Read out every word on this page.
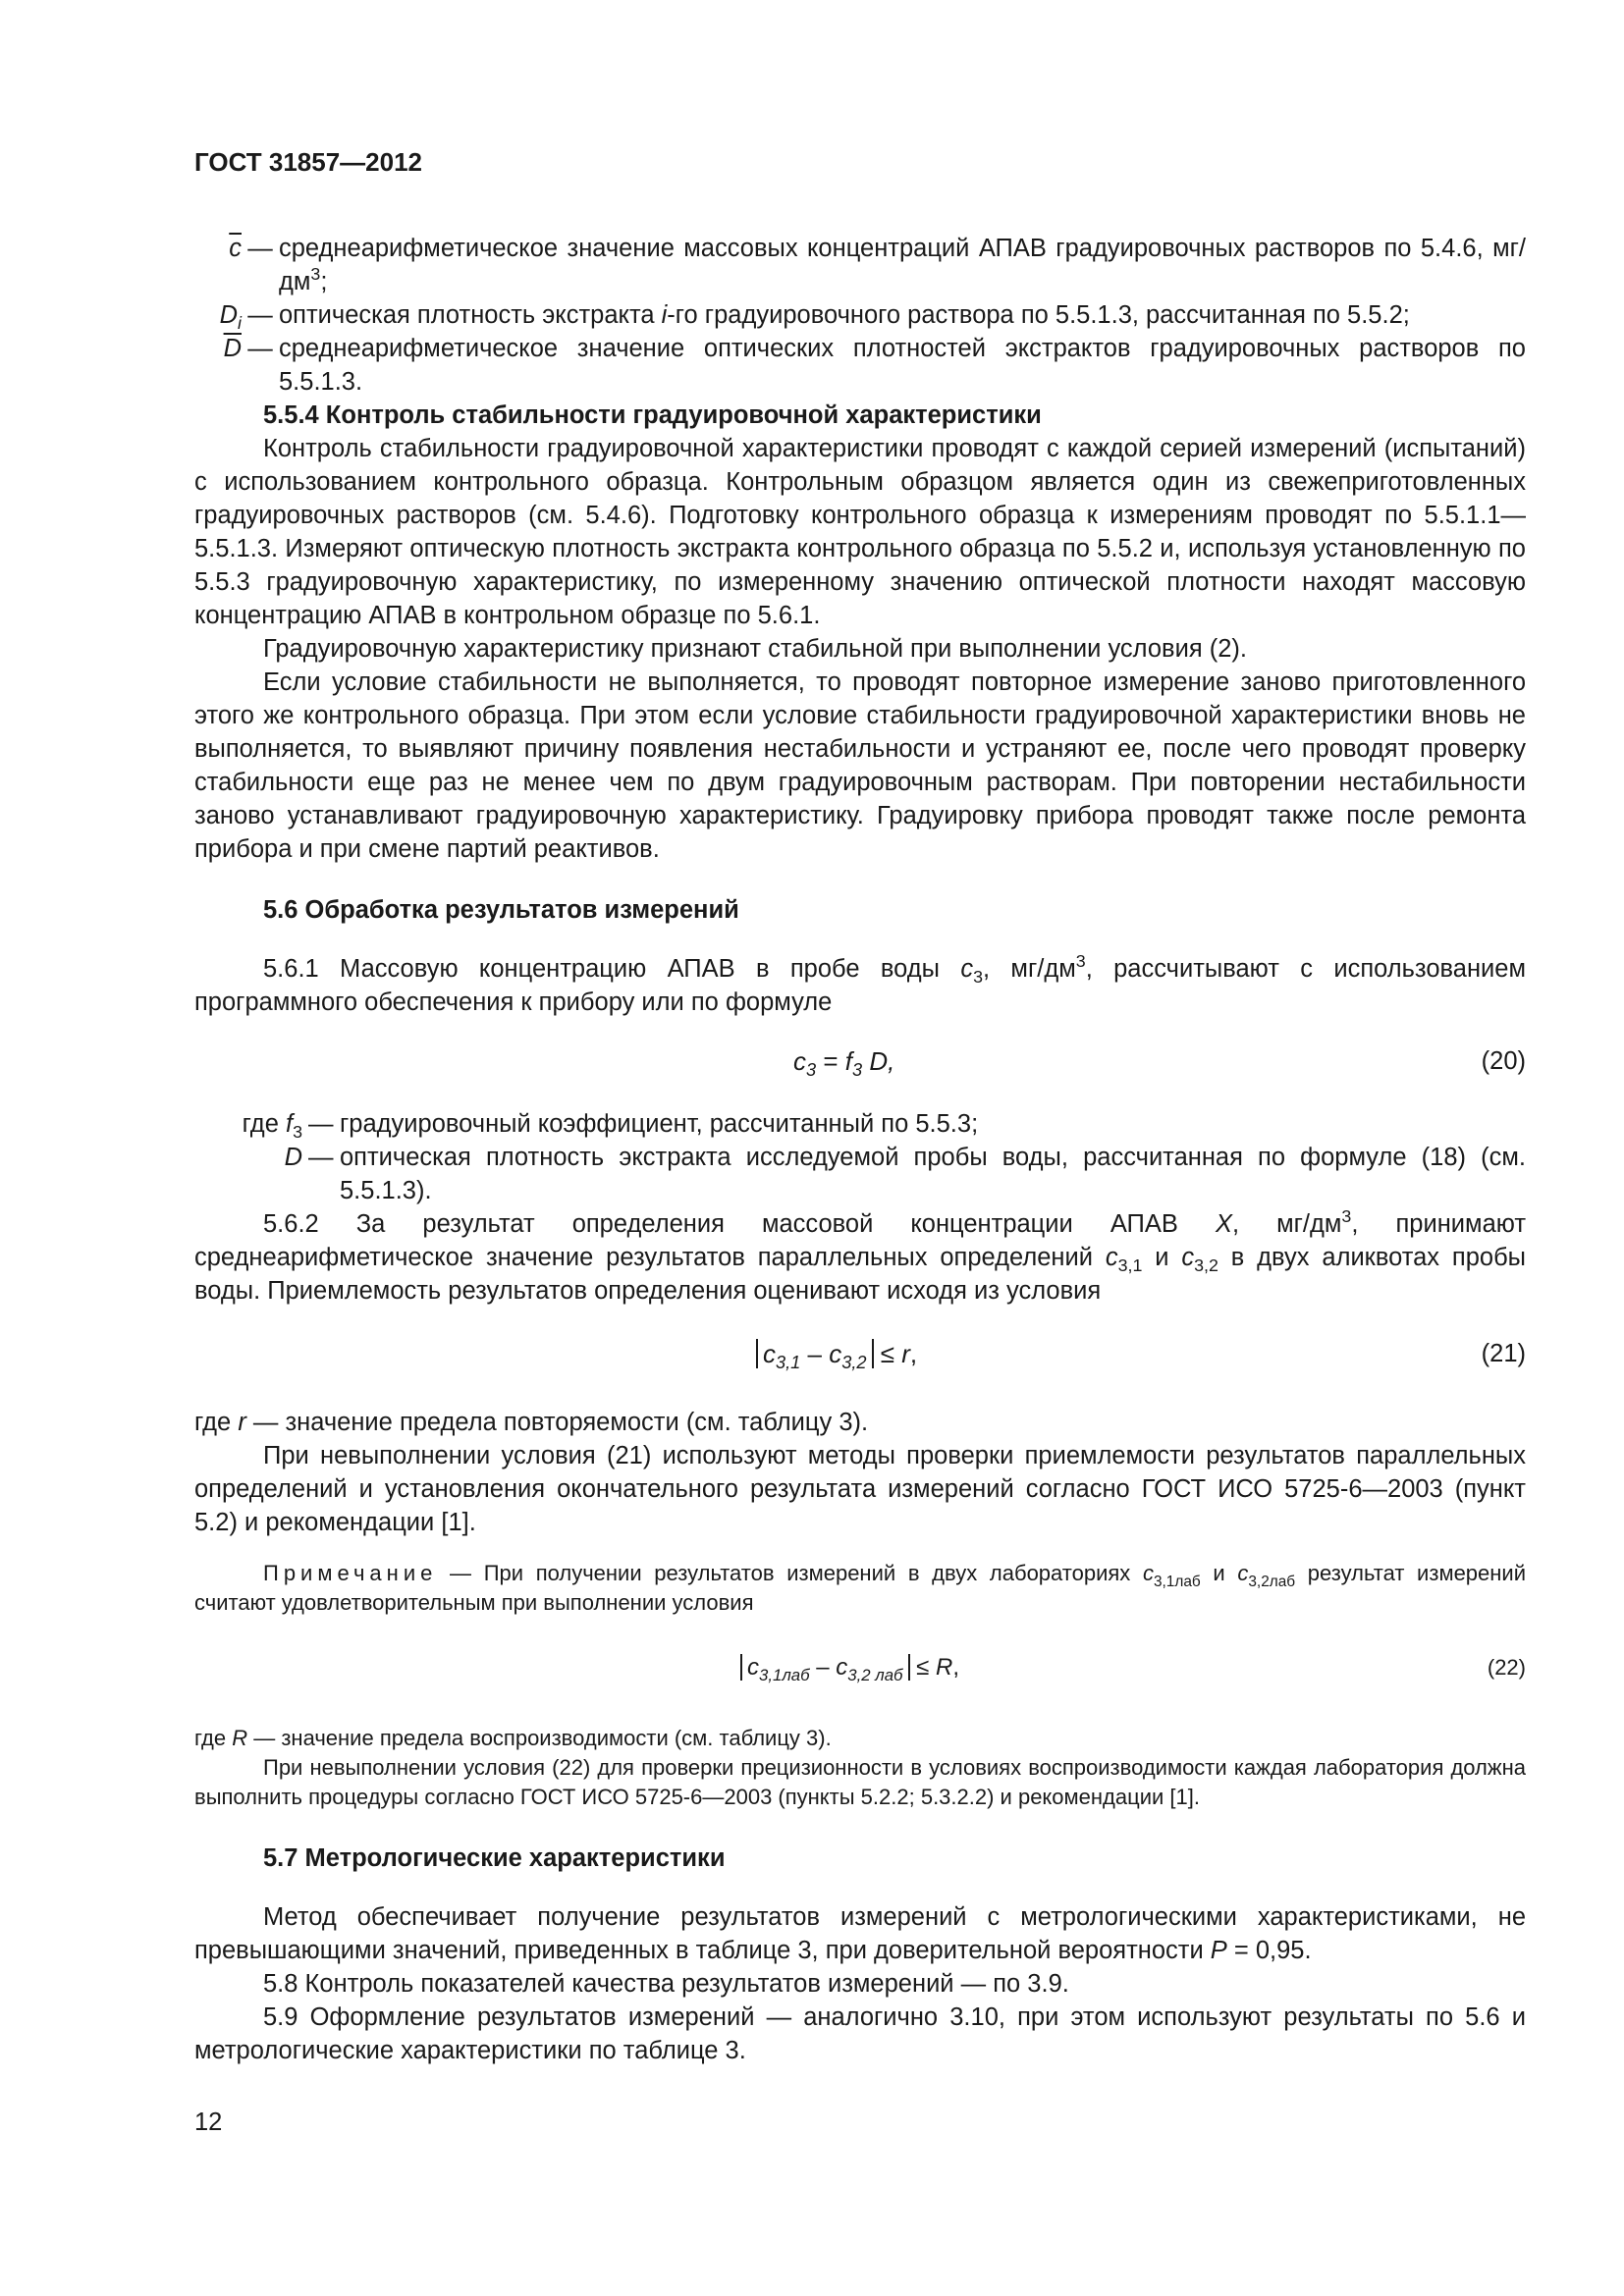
ГОСТ 31857—2012
$\overline{c}$ — среднеарифметическое значение массовых концентраций АПАВ градуировочных растворов по 5.4.6, $мг/дм^3$;
$D_i$ — оптическая плотность экстракта i-го градуировочного раствора по 5.5.1.3, рассчитанная по 5.5.2;
$\overline{D}$ — среднеарифметическое значение оптических плотностей экстрактов градуировочных растворов по 5.5.1.3.

5.5.4 Контроль стабильности градуировочной характеристики

Контроль стабильности градуировочной характеристики проводят с каждой серией измерений (испытаний) с использованием контрольного образца. Контрольным образцом является один из свежеприготовленных градуировочных растворов (см. 5.4.6). Подготовку контрольного образца к измерениям проводят по 5.5.1.1—5.5.1.3. Измеряют оптическую плотность экстракта контрольного образца по 5.5.2 и, используя установленную по 5.5.3 градуировочную характеристику, по измеренному значению оптической плотности находят массовую концентрацию АПАВ в контрольном образце по 5.6.1.

Градуировочную характеристику признают стабильной при выполнении условия (2).

Если условие стабильности не выполняется, то проводят повторное измерение заново приготовленного этого же контрольного образца. При этом если условие стабильности градуировочной характеристики вновь не выполняется, то выявляют причину появления нестабильности и устраняют ее, после чего проводят проверку стабильности еще раз не менее чем по двум градуировочным растворам. При повторении нестабильности заново устанавливают градуировочную характеристику. Градуировку прибора проводят также после ремонта прибора и при смене партий реактивов.

5.6 Обработка результатов измерений

5.6.1 Массовую концентрацию АПАВ в пробе воды $c_3$, $мг/дм^3$, рассчитывают с использованием программного обеспечения к прибору или по формуле

$c_3 = f_3$ D,	(20)
где $f_3$ — градуировочный коэффициент, рассчитанный по 5.5.3;
D — оптическая плотность экстракта исследуемой пробы воды, рассчитанная по формуле (18) (см. 5.5.1.3).

5.6.2 За результат определения массовой концентрации АПАВ X, $мг/дм^3$, принимают среднеарифметическое значение результатов параллельных определений $c_{3,1}$ и $c_{3,2}$ в двух аликвотах пробы воды. Приемлемость результатов определения оценивают исходя из условия

$c_{3,1} - c_{3,2} \le r$,	(21)

где r — значение предела повторяемости (см. таблицу 3).

При невыполнении условия (21) используют методы проверки приемлемости результатов параллельных определений и установления окончательного результата измерений согласно ГОСТ ИСО 5725-6—2003 (пункт 5.2) и рекомендации [1].

Примечание — При получении результатов измерений в двух лабораториях $c_{3,1лаб}$ и $c_{3,2лаб}$ результат измерений считают удовлетворительным при выполнении условия

$c_{3,1лаб} - c_{3,2 лаб} \le R$,	(22)

где R — значение предела воспроизводимости (см. таблицу 3).

При невыполнении условия (22) для проверки прецизионности в условиях воспроизводимости каждая лаборатория должна выполнить процедуры согласно ГОСТ ИСО 5725-6—2003 (пункты 5.2.2; 5.3.2.2) и рекомендации [1].

5.7 Метрологические характеристики

Метод обеспечивает получение результатов измерений с метрологическими характеристиками, не превышающими значений, приведенных в таблице 3, при доверительной вероятности P = 0,95.

5.8 Контроль показателей качества результатов измерений — по 3.9.

5.9 Оформление результатов измерений — аналогично 3.10, при этом используют результаты по 5.6 и метрологические характеристики по таблице 3.

12
